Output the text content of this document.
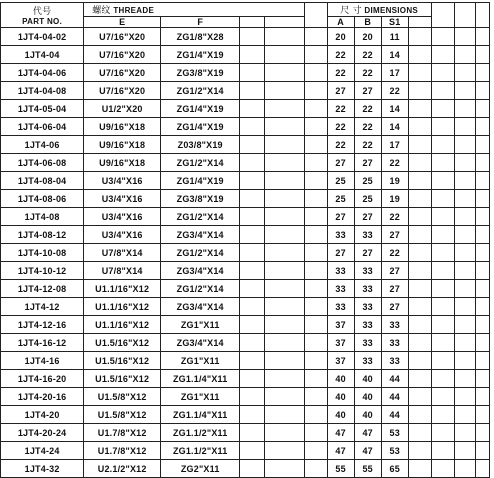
代号
PART NO.	螺纹 THREADE					尺 寸 DIMENSIONS						
	E	F				A	B	S1				
1JT4-04-02	U7/16"X20	ZG1/8"X28				20	20	11				
1JT4-04	U7/16"X20	ZG1/4"X19				22	22	14				
1JT4-04-06	U7/16"X20	ZG3/8"X19				22	22	17				
1JT4-04-08	U7/16"X20	ZG1/2"X14				27	27	22				
1JT4-05-04	U1/2"X20	ZG1/4"X19				22	22	14				
1JT4-06-04	U9/16"X18	ZG1/4"X19				22	22	14				
1JT4-06	U9/16"X18	Z03/8"X19				22	22	17				
1JT4-06-08	U9/16"X18	ZG1/2"X14				27	27	22				
1JT4-08-04	U3/4"X16	ZG1/4"X19				25	25	19				
1JT4-08-06	U3/4"X16	ZG3/8"X19				25	25	19				
1JT4-08	U3/4"X16	ZG1/2"X14				27	27	22				
1JT4-08-12	U3/4"X16	ZG3/4"X14				33	33	27				
1JT4-10-08	U7/8"X14	ZG1/2"X14				27	27	22				
1JT4-10-12	U7/8"X14	ZG3/4"X14				33	33	27				
1JT4-12-08	U1.1/16"X12	ZG1/2"X14				33	33	27				
1JT4-12	U1.1/16"X12	ZG3/4"X14				33	33	27				
1JT4-12-16	U1.1/16"X12	ZG1"X11				37	33	33				
1JT4-16-12	U1.5/16"X12	ZG3/4"X14				37	33	33				
1JT4-16	U1.5/16"X12	ZG1"X11				37	33	33				
1JT4-16-20	U1.5/16"X12	ZG1.1/4"X11				40	40	44				
1JT4-20-16	U1.5/8"X12	ZG1"X11				40	40	44				
1JT4-20	U1.5/8"X12	ZG1.1/4"X11				40	40	44				
1JT4-20-24	U1.7/8"X12	ZG1.1/2"X11				47	47	53				
1JT4-24	U1.7/8"X12	ZG1.1/2"X11				47	47	53				
1JT4-32	U2.1/2"X12	ZG2"X11				55	55	65				
